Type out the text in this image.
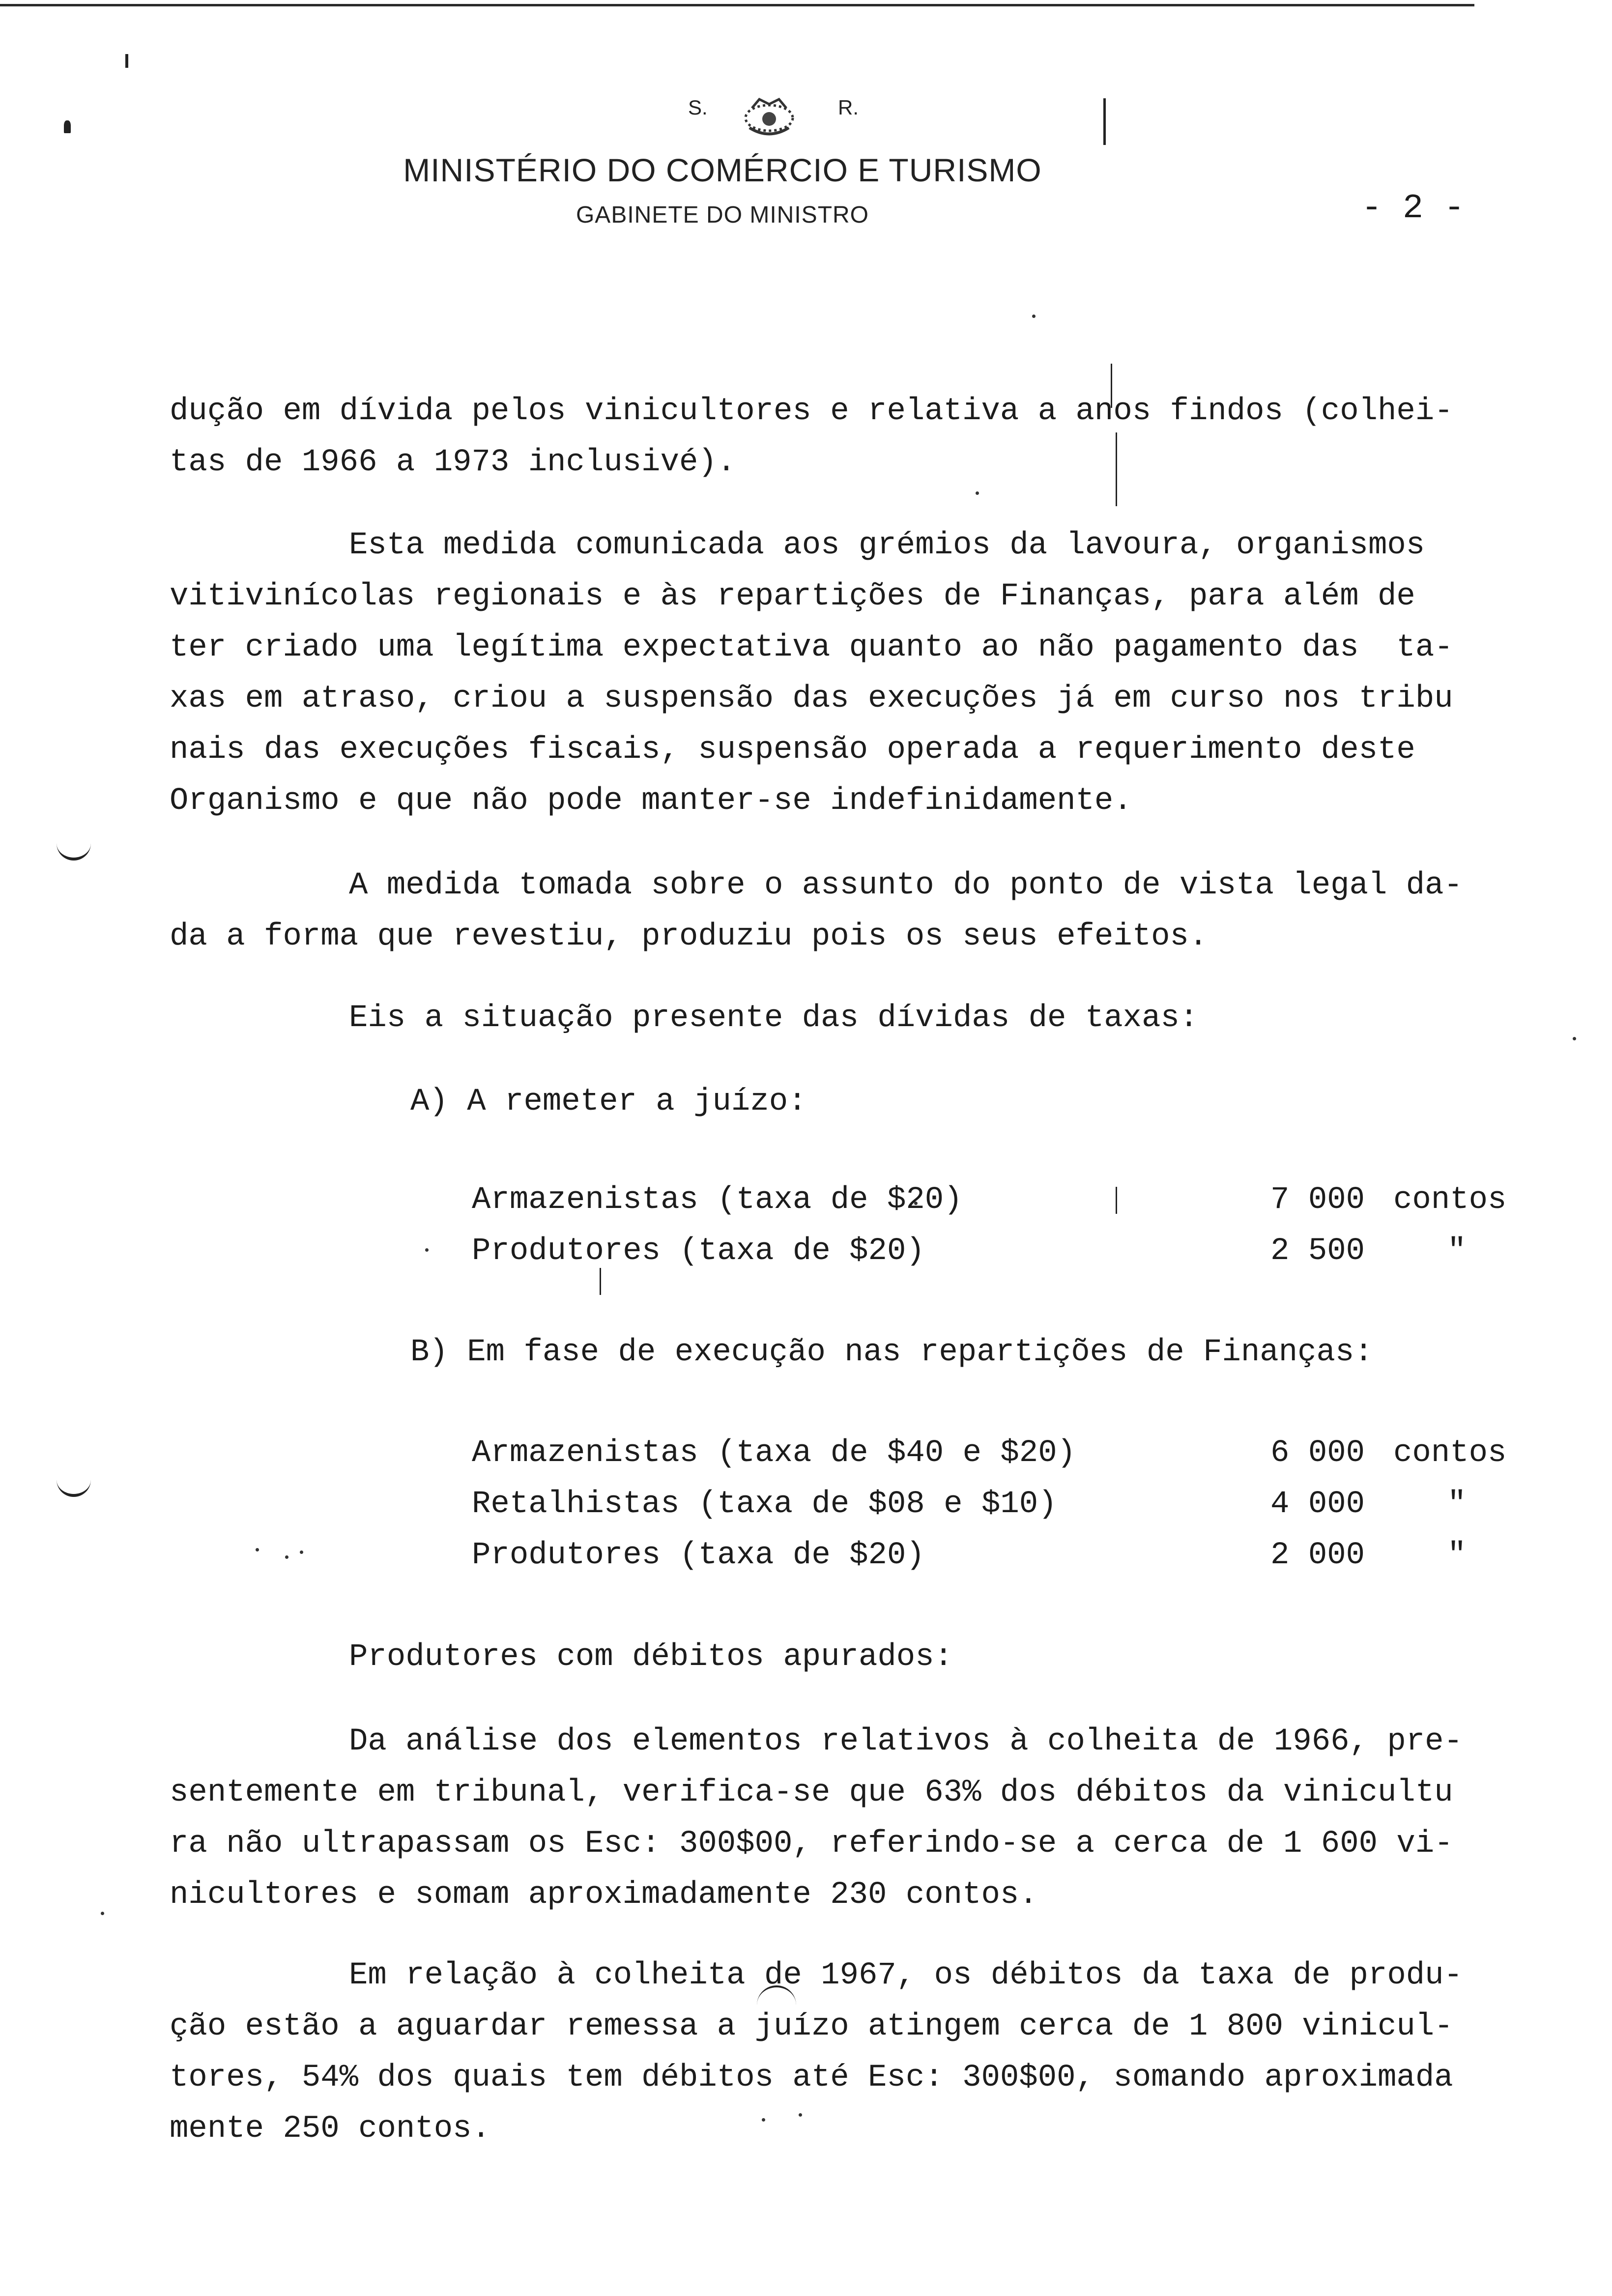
S.	R.
MINISTÉRIO DO COMÉRCIO E TURISMO
GABINETE DO MINISTRO	- 2 -
dução em dívida pelos vinicultores e relativa a anos findos (colhei-
tas de 1966 a 1973 inclusivé).
Esta medida comunicada aos grémios da lavoura, organismos
vitivinícolas regionais e às repartições de Finanças, para além de
ter criado uma legítima expectativa quanto ao não pagamento das  ta-
xas em atraso, criou a suspensão das execuções já em curso nos tribu
nais das execuções fiscais, suspensão operada a requerimento deste
Organismo e que não pode manter-se indefinidamente.
A medida tomada sobre o assunto do ponto de vista legal da-
da a forma que revestiu, produziu pois os seus efeitos.
Eis a situação presente das dívidas de taxas:
A) A remeter a juízo:
Armazenistas (taxa de $20)	7 000 contos
Produtores (taxa de $20)	2 500	"
B) Em fase de execução nas repartições de Finanças:
Armazenistas (taxa de $40 e $20)	6 000 contos
Retalhistas (taxa de $08 e $10)	4 000	"
Produtores (taxa de $20)	2 000	"
Produtores com débitos apurados:
Da análise dos elementos relativos à colheita de 1966, pre-
sentemente em tribunal, verifica-se que 63% dos débitos da vinicultu
ra não ultrapassam os Esc: 300$00, referindo-se a cerca de 1 600 vi-
nicultores e somam aproximadamente 230 contos.
Em relação à colheita de 1967, os débitos da taxa de produ-
ção estão a aguardar remessa a juízo atingem cerca de 1 800 vinicul-
tores, 54% dos quais tem débitos até Esc: 300$00, somando aproximada
mente 250 contos.
